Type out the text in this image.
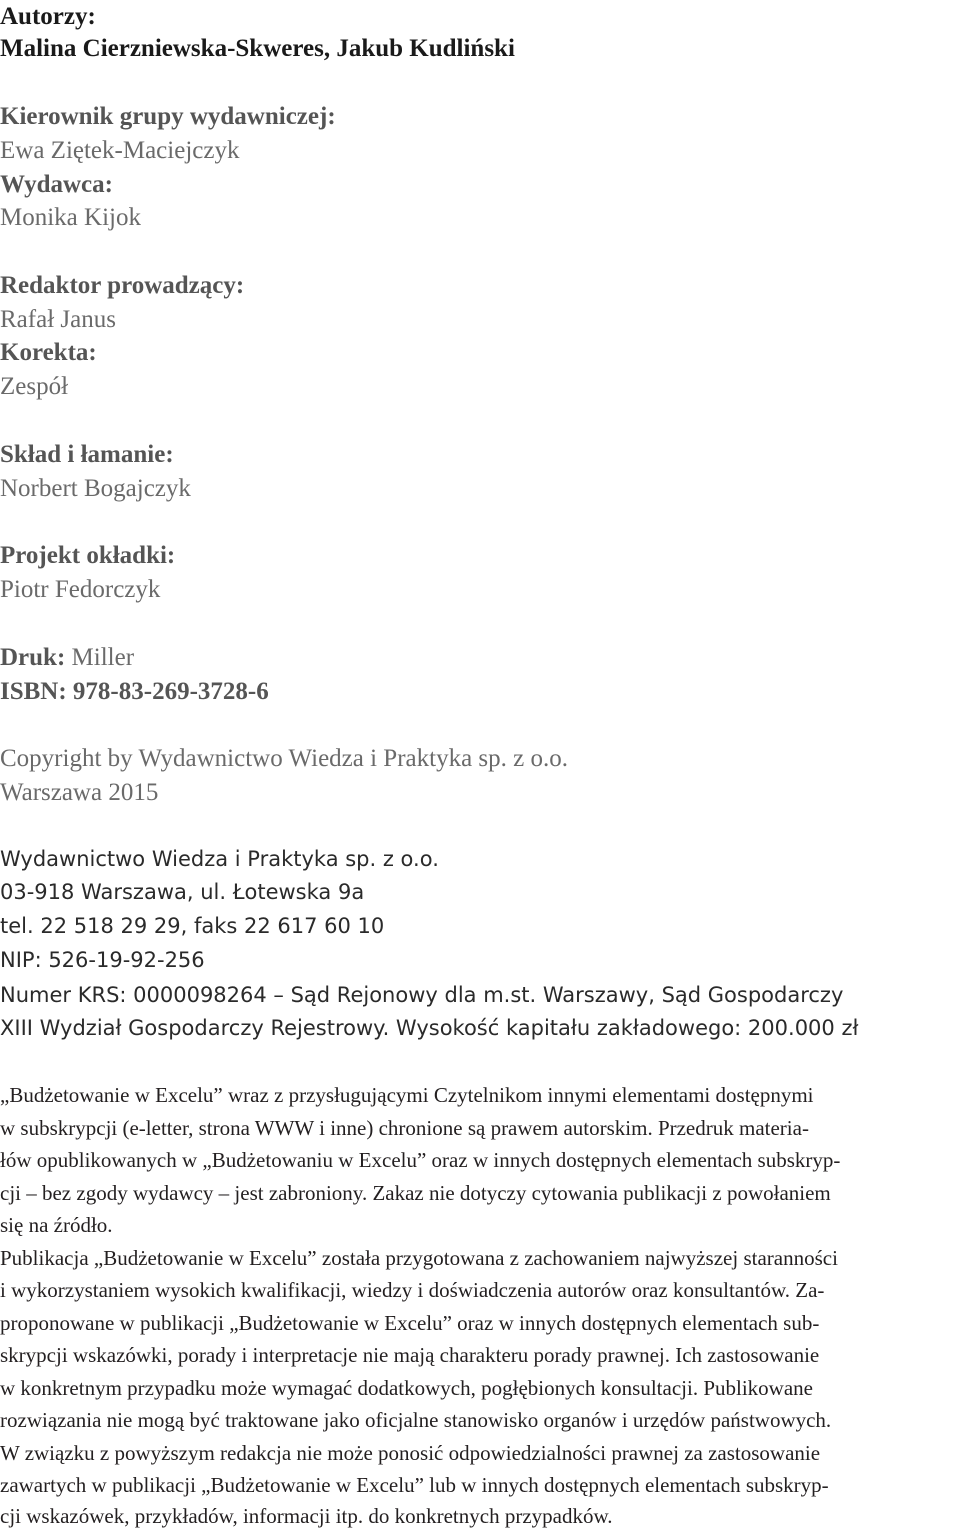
Autorzy:
Malina Cierzniewska-Skweres, Jakub Kudliński
Kierownik grupy wydawniczej:
Ewa Ziętek-Maciejczyk
Wydawca:
Monika Kijok
Redaktor prowadzący:
Rafał Janus
Korekta:
Zespół
Skład i łamanie:
Norbert Bogajczyk
Projekt okładki:
Piotr Fedorczyk
Druk: Miller
ISBN: 978-83-269-3728-6
Copyright by Wydawnictwo Wiedza i Praktyka sp. z o.o.
Warszawa 2015
Wydawnictwo Wiedza i Praktyka sp. z o.o.
03-918 Warszawa, ul. Łotewska 9a
tel. 22 518 29 29, faks 22 617 60 10
NIP: 526-19-92-256
Numer KRS: 0000098264 – Sąd Rejonowy dla m.st. Warszawy, Sąd Gospodarczy
XIII Wydział Gospodarczy Rejestrowy. Wysokość kapitału zakładowego: 200.000 zł
„Budżetowanie w Excelu” wraz z przysługującymi Czytelnikom innymi elementami dostępnymi
w subskrypcji (e-letter, strona WWW i inne) chronione są prawem autorskim. Przedruk materia-
łów opublikowanych w „Budżetowaniu w Excelu” oraz w innych dostępnych elementach subskryp-
cji – bez zgody wydawcy – jest zabroniony. Zakaz nie dotyczy cytowania publikacji z powołaniem
się na źródło.
Publikacja „Budżetowanie w Excelu” została przygotowana z zachowaniem najwyższej staranności
i wykorzystaniem wysokich kwalifikacji, wiedzy i doświadczenia autorów oraz konsultantów. Za-
proponowane w publikacji „Budżetowanie w Excelu” oraz w innych dostępnych elementach sub-
skrypcji wskazówki, porady i interpretacje nie mają charakteru porady prawnej. Ich zastosowanie
w konkretnym przypadku może wymagać dodatkowych, pogłębionych konsultacji. Publikowane
rozwiązania nie mogą być traktowane jako oficjalne stanowisko organów i urzędów państwowych.
W związku z powyższym redakcja nie może ponosić odpowiedzialności prawnej za zastosowanie
zawartych w publikacji „Budżetowanie w Excelu” lub w innych dostępnych elementach subskryp-
cji wskazówek, przykładów, informacji itp. do konkretnych przypadków.
